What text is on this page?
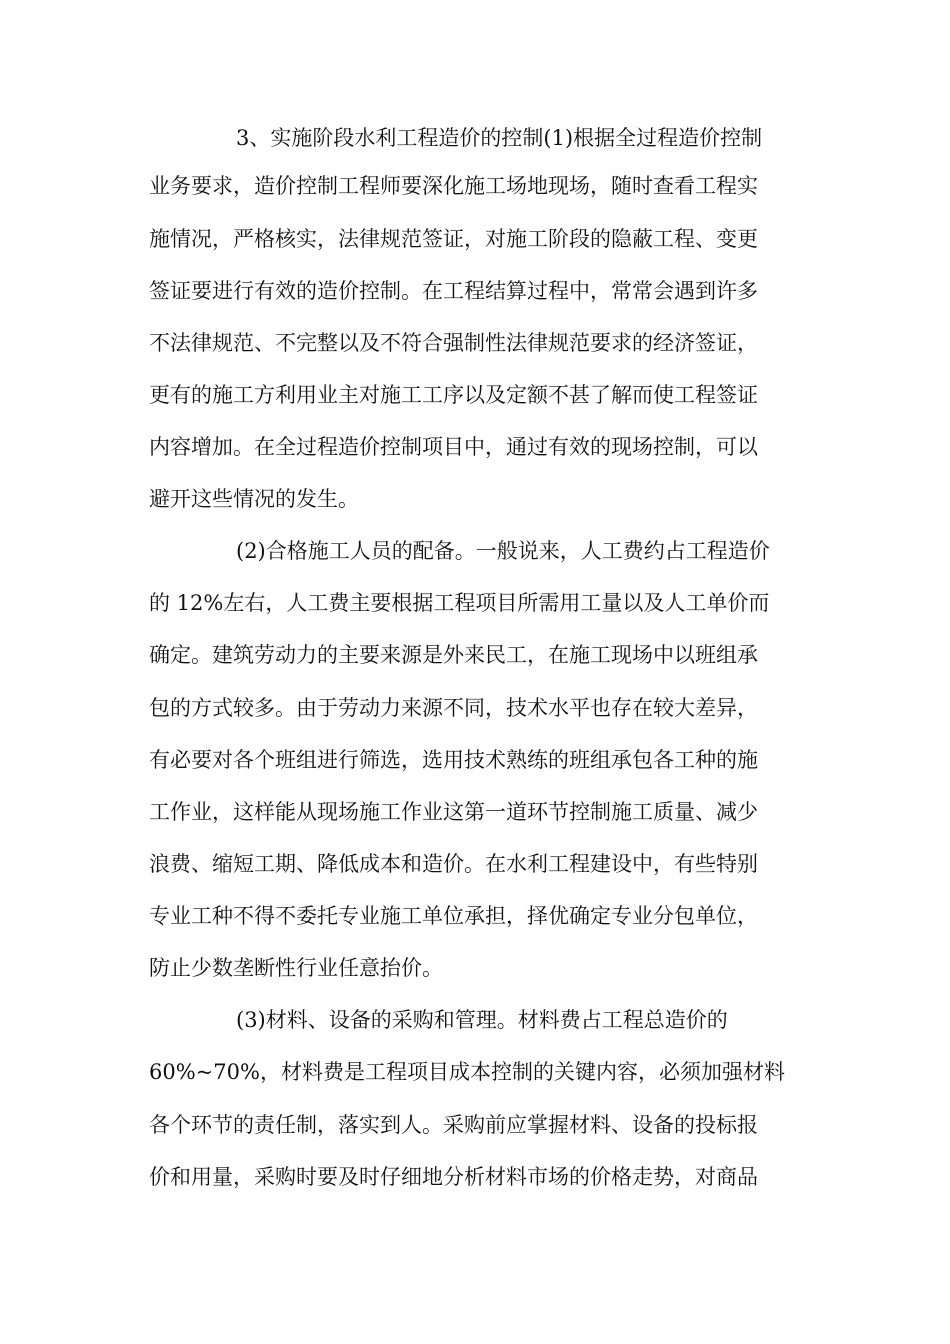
3、实施阶段水利工程造价的控制(1)根据全过程造价控制
业务要求，造价控制工程师要深化施工场地现场，随时查看工程实
施情况，严格核实，法律规范签证，对施工阶段的隐蔽工程、变更
签证要进行有效的造价控制。在工程结算过程中，常常会遇到许多
不法律规范、不完整以及不符合强制性法律规范要求的经济签证，
更有的施工方利用业主对施工工序以及定额不甚了解而使工程签证
内容增加。在全过程造价控制项目中，通过有效的现场控制，可以
避开这些情况的发生。
(2)合格施工人员的配备。一般说来，人工费约占工程造价
的 12%左右，人工费主要根据工程项目所需用工量以及人工单价而
确定。建筑劳动力的主要来源是外来民工，在施工现场中以班组承
包的方式较多。由于劳动力来源不同，技术水平也存在较大差异，
有必要对各个班组进行筛选，选用技术熟练的班组承包各工种的施
工作业，这样能从现场施工作业这第一道环节控制施工质量、减少
浪费、缩短工期、降低成本和造价。在水利工程建设中，有些特别
专业工种不得不委托专业施工单位承担，择优确定专业分包单位，
防止少数垄断性行业任意抬价。
(3)材料、设备的采购和管理。材料费占工程总造价的
60%~70%，材料费是工程项目成本控制的关键内容，必须加强材料
各个环节的责任制，落实到人。采购前应掌握材料、设备的投标报
价和用量，采购时要及时仔细地分析材料市场的价格走势，对商品
